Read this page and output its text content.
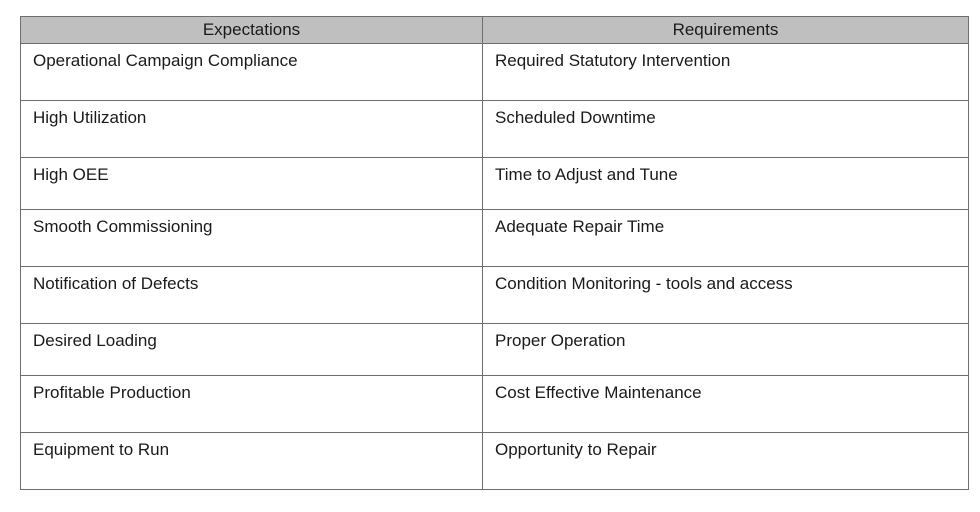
Expectations	Requirements
Operational Campaign Compliance	Required Statutory Intervention
High Utilization	Scheduled Downtime
High OEE	Time to Adjust and Tune
Smooth Commissioning	Adequate Repair Time
Notification of Defects	Condition Monitoring - tools and access
Desired Loading	Proper Operation
Profitable Production	Cost Effective Maintenance
Equipment to Run	Opportunity to Repair
